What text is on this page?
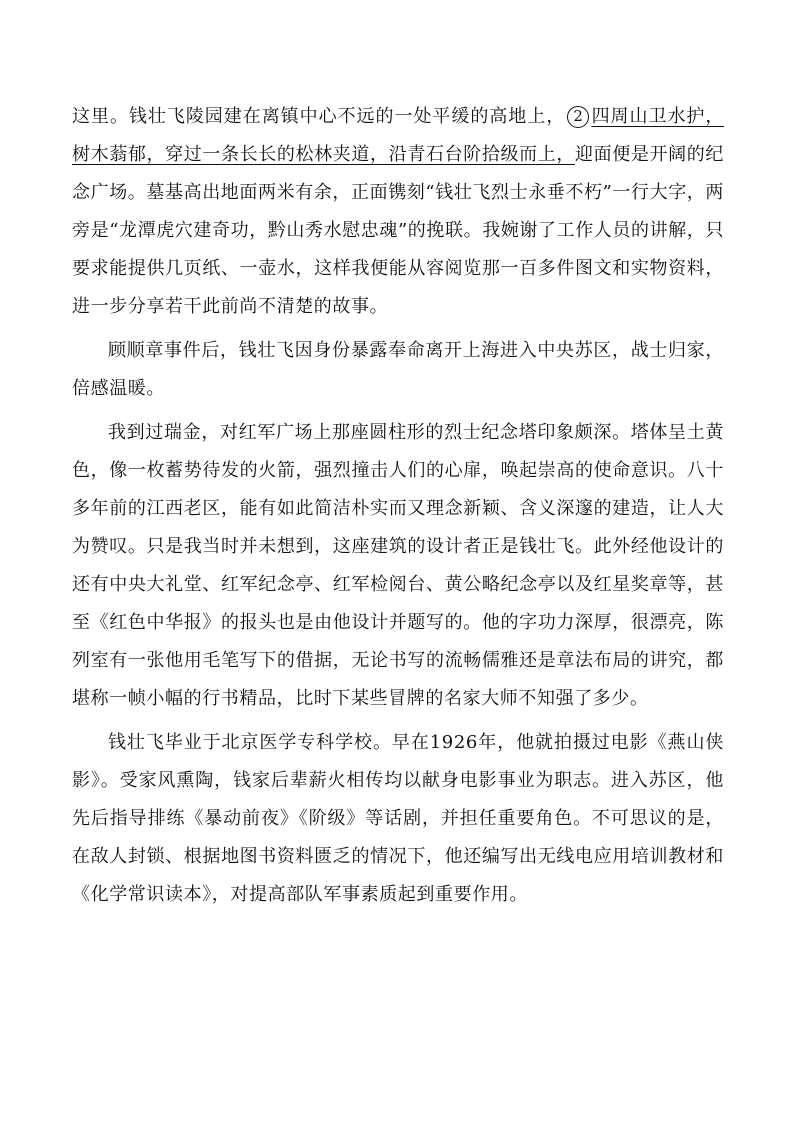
这里。钱壮飞陵园建在离镇中心不远的一处平缓的高地上， 2 四周山卫水护，树木蓊郁，穿过一条长长的松林夹道，沿青石台阶拾级而上，迎面便是开阔的纪念广场。墓基高出地面两米有余，正面镌刻“钱壮飞烈士永垂不朽”一行大字，两旁是“龙潭虎穴建奇功，黔山秀水慰忠魂”的挽联。我婉谢了工作人员的讲解，只要求能提供几页纸、一壶水，这样我便能从容阅览那一百多件图文和实物资料，进一步分享若干此前尚不清楚的故事。

顾顺章事件后，钱壮飞因身份暴露奉命离开上海进入中央苏区，战士归家，倍感温暖。

我到过瑞金，对红军广场上那座圆柱形的烈士纪念塔印象颇深。塔体呈土黄色，像一枚蓄势待发的火箭，强烈撞击人们的心扉，唤起崇高的使命意识。八十多年前的江西老区，能有如此简洁朴实而又理念新颖、含义深邃的建造，让人大为赞叹。只是我当时并未想到，这座建筑的设计者正是钱壮飞。此外经他设计的还有中央大礼堂、红军纪念亭、红军检阅台、黄公略纪念亭以及红星奖章等，甚至《红色中华报》的报头也是由他设计并题写的。他的字功力深厚，很漂亮，陈列室有一张他用毛笔写下的借据，无论书写的流畅儒雅还是章法布局的讲究，都堪称一帧小幅的行书精品，比时下某些冒牌的名家大师不知强了多少。

钱壮飞毕业于北京医学专科学校。早在1926年，他就拍摄过电影《燕山侠影》。受家风熏陶，钱家后辈薪火相传均以献身电影事业为职志。进入苏区，他先后指导排练《暴动前夜》《阶级》等话剧，并担任重要角色。不可思议的是，在敌人封锁、根据地图书资料匮乏的情况下，他还编写出无线电应用培训教材和《化学常识读本》，对提高部队军事素质起到重要作用。
